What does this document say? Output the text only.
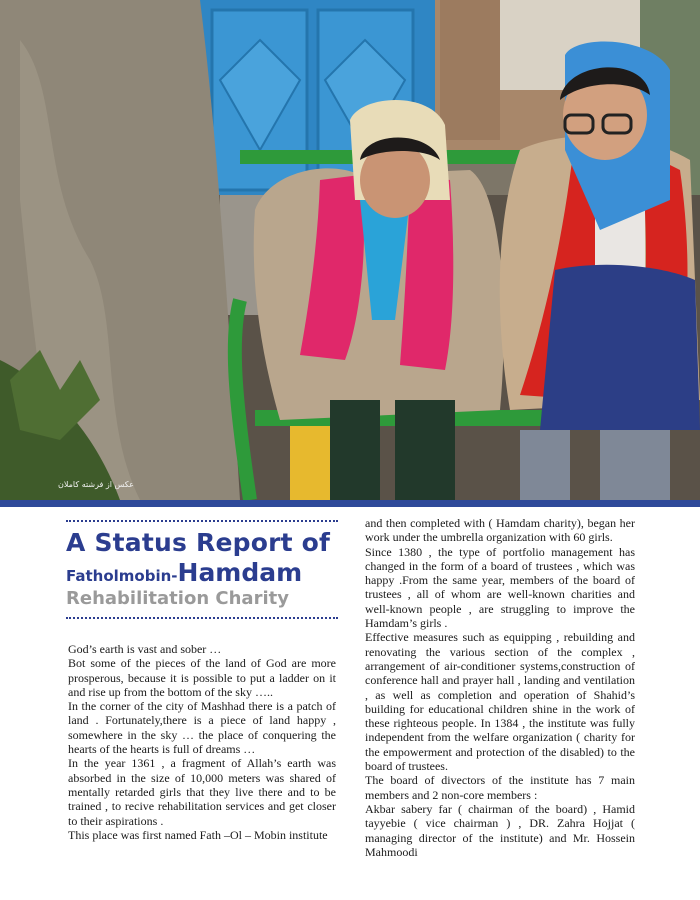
عکس از فرشته کاملان
A Status Report of
Fatholmobin-Hamdam
Rehabilitation Charity

God’s earth is vast and sober …

Bot some of the pieces of the land of God are more prosperous, because it is possible to put a ladder on it and rise up from the bottom of the sky …..

In the corner of the city of Mashhad there is a patch of land . Fortunately,there is a piece of land happy , somewhere in the sky … the place of conquering the hearts of the hearts is full of dreams …

In the year 1361 , a fragment of Allah’s earth was absorbed in the size of 10,000 meters was shared of mentally retarded girls that they live there and to be trained , to recive rehabilitation services and get closer to their aspirations .

This place was first named Fath –Ol – Mobin institute

and then completed with ( Hamdam charity), began her work under the umbrella organization with 60 girls.

Since 1380 , the type of portfolio management has changed in the form of a board of trustees , which was happy .From the same year, members of the board of trustees , all of whom are well-known charities and well-known people , are struggling to improve the Hamdam’s girls .

Effective measures such as equipping , rebuilding and renovating the various section of the complex , arrangement of air-conditioner systems,construction of conference hall and prayer hall , landing and ventilation , as well as completion and operation of Shahid’s building for educational children shine in the work of these righteous people. In 1384 , the institute was fully independent from the welfare organization ( charity for the empowerment and protection of the disabled) to the board of trustees.

The board of divectors of the institute has 7 main members and 2 non-core members :

Akbar sabery far ( chairman of the board) , Hamid tayyebie ( vice chairman ) , DR. Zahra Hojjat ( managing director of the institute) and Mr. Hossein Mahmoodi
